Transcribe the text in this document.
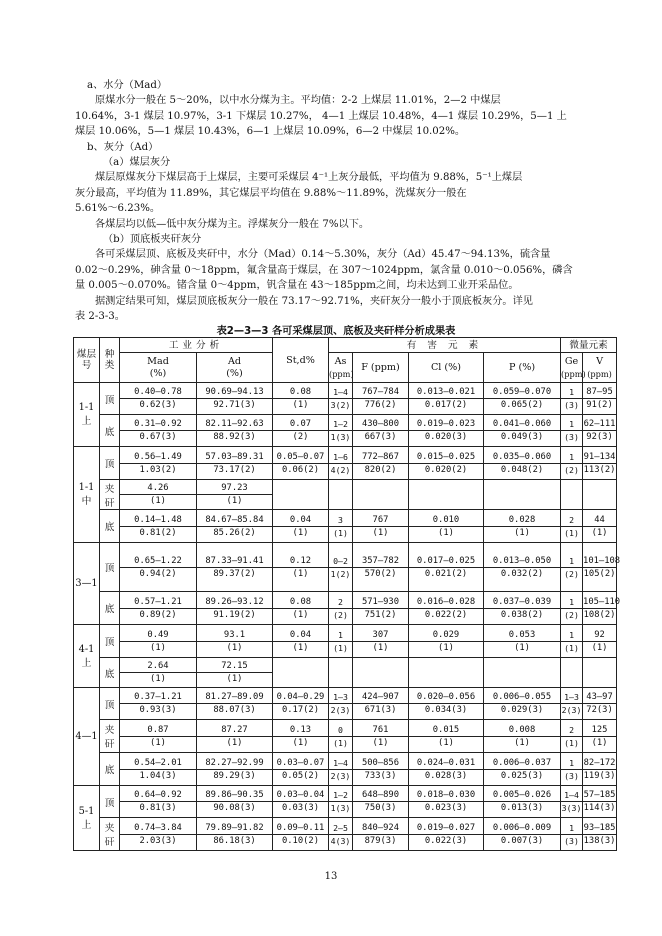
a、水分（Mad）

原煤水分一般在 5～20%，以中水分煤为主。平均值：2-2 上煤层 11.01%，2—2 中煤层

10.64%，3-1 煤层 10.97%，3-1 下煤层 10.27%， 4—1 上煤层 10.48%，4—1 煤层 10.29%，5—1 上

煤层 10.06%，5—1 煤层 10.43%，6—1 上煤层 10.09%，6—2 中煤层 10.02%。

b、灰分（Ad）

（a）煤层灰分

煤层原煤灰分下煤层高于上煤层，主要可采煤层 4⁻¹上灰分最低，平均值为 9.88%，5⁻¹上煤层

灰分最高，平均值为 11.89%，其它煤层平均值在 9.88%～11.89%，洗煤灰分一般在

5.61%～6.23%。

各煤层均以低—低中灰分煤为主。浮煤灰分一般在 7%以下。

（b）顶底板夹矸灰分

各可采煤层顶、底板及夹矸中，水分（Mad）0.14～5.30%，灰分（Ad）45.47～94.13%，硫含量

0.02～0.29%，砷含量 0～18ppm，氟含量高于煤层，在 307～1024ppm，氯含量 0.010～0.056%，磷含

量 0.005～0.070%。锗含量 0～4ppm，钒含量在 43～185ppm之间，均未达到工业开采品位。

据测定结果可知，煤层顶底板灰分一般在 73.17～92.71%，夹矸灰分一般小于顶底板灰分。详见

表 2-3-3。

表2—3—3 各可采煤层顶、底板及夹矸样分析成果表
煤层号	种类	工业分析		St,d%	有 害 元 素				微量元素	

		Mad
(%)	Ad
(%)		As
(ppm)	F (ppm)	Cl (%)	P (%)	Ge
(ppm)	V
(ppm)

1-1上	顶	0.40—0.78
0.62(3)	90.69—94.13
92.71(3)	0.08
(1)	1—4
3(2)	767—784
776(2)	0.013—0.021
0.017(2)	0.059—0.070
0.065(2)	1
(3)	87—95
91(2)

	底	0.31—0.92
0.67(3)	82.11—92.63
88.92(3)	0.07
(2)	1—2
1(3)	430—800
667(3)	0.019—0.023
0.020(3)	0.041—0.060
0.049(3)	1
(3)	62—111
92(3)

1-1中	顶	0.56—1.49
1.03(2)	57.03—89.31
73.17(2)	0.05—0.07
0.06(2)	1—6
4(2)	772—867
820(2)	0.015—0.025
0.020(2)	0.035—0.060
0.048(2)	1
(2)	91—134
113(2)

	夹矸	4.26
(1)	97.23
(1)							

	底	0.14—1.48
0.81(2)	84.67—85.84
85.26(2)	0.04
(1)	3
(1)	767
(1)	0.010
(1)	0.028
(1)	2
(1)	44
(1)

3—1	顶	0.65—1.22
0.94(2)	87.33—91.41
89.37(2)	0.12
(1)	0—2
1(2)	357—782
570(2)	0.017—0.025
0.021(2)	0.013—0.050
0.032(2)	1
(2)	101—108
105(2)

	底	0.57—1.21
0.89(2)	89.26—93.12
91.19(2)	0.08
(1)	2
(2)	571—930
751(2)	0.016—0.028
0.022(2)	0.037—0.039
0.038(2)	1
(2)	105—110
108(2)

4-1上	顶	0.49
(1)	93.1
(1)	0.04
(1)	1
(1)	307
(1)	0.029
(1)	0.053
(1)	1
(1)	92
(1)

	底	2.64
(1)	72.15
(1)							

4—1	顶	0.37—1.21
0.93(3)	81.27—89.09
88.07(3)	0.04—0.29
0.17(2)	1—3
2(3)	424—907
671(3)	0.020—0.056
0.034(3)	0.006—0.055
0.029(3)	1—3
2(3)	43—97
72(3)

	夹矸	0.87
(1)	87.27
(1)	0.13
(1)	0
(1)	761
(1)	0.015
(1)	0.008
(1)	2
(1)	125
(1)

	底	0.54—2.01
1.04(3)	82.27—92.99
89.29(3)	0.03—0.07
0.05(2)	1—4
2(3)	500—856
733(3)	0.024—0.031
0.028(3)	0.006—0.037
0.025(3)	1
(3)	82—172
119(3)

5-1上	顶	0.64—0.92
0.81(3)	89.86—90.35
90.08(3)	0.03—0.04
0.03(3)	1—2
1(3)	648—890
750(3)	0.018—0.030
0.023(3)	0.005—0.026
0.013(3)	1—4
3(3)	57—185
114(3)

	夹矸	0.74—3.84
2.03(3)	79.89—91.82
86.18(3)	0.09—0.11
0.10(2)	2—5
4(3)	840—924
879(3)	0.019—0.027
0.022(3)	0.006—0.009
0.007(3)	1
(3)	93—185
138(3)
13
